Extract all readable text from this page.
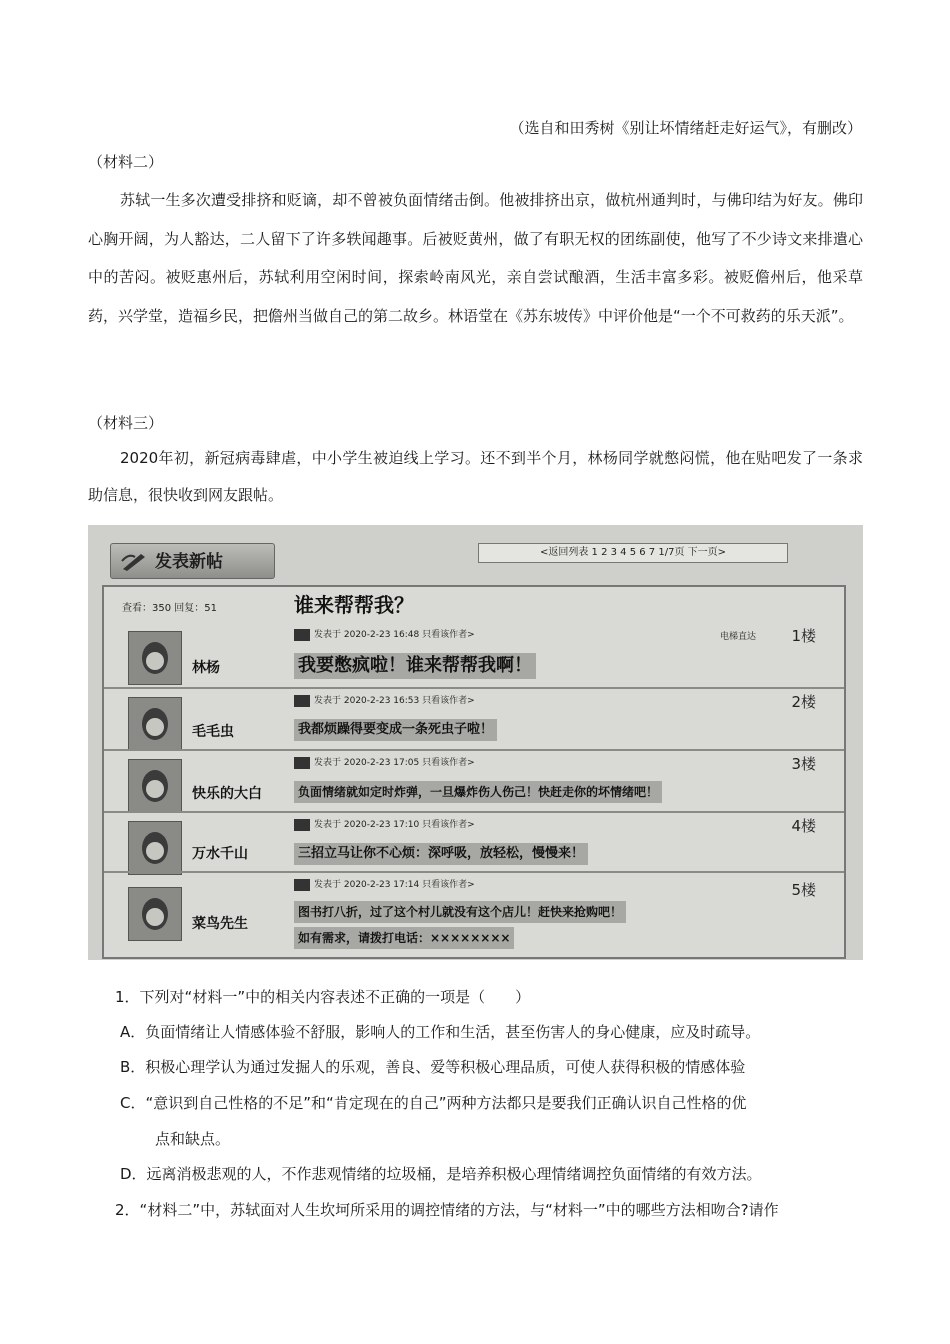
（选自和田秀树《别让坏情绪赶走好运气》，有删改）

（材料二）

苏轼一生多次遭受排挤和贬谪，却不曾被负面情绪击倒。他被排挤出京，做杭州通判时，与佛印结为好友。佛印心胸开阔，为人豁达，二人留下了许多轶闻趣事。后被贬黄州，做了有职无权的团练副使，他写了不少诗文来排遣心中的苦闷。被贬惠州后，苏轼利用空闲时间，探索岭南风光，亲自尝试酿酒，生活丰富多彩。被贬儋州后，他采草药，兴学堂，造福乡民，把儋州当做自己的第二故乡。林语堂在《苏东坡传》中评价他是“一个不可救药的乐天派”。

（材料三）

2020年初，新冠病毒肆虐，中小学生被迫线上学习。还不到半个月，林杨同学就憋闷慌，他在贴吧发了一条求助信息，很快收到网友跟帖。

发表新帖	<返回列表 1 2 3 4 5 6 7 1/7页 下一页>
查看：350 回复：51	谁来帮帮我？
林杨
发表于 2020-2-23 16:48 只看该作者>	电梯直达 1楼
我要憋疯啦！谁来帮帮我啊！
毛毛虫
发表于 2020-2-23 16:53 只看该作者>	2楼
我都烦躁得要变成一条死虫子啦！
快乐的大白
发表于 2020-2-23 17:05 只看该作者>	3楼
负面情绪就如定时炸弹，一旦爆炸伤人伤己！快赶走你的坏情绪吧！
万水千山
发表于 2020-2-23 17:10 只看该作者>	4楼
三招立马让你不心烦：深呼吸，放轻松，慢慢来！
菜鸟先生
发表于 2020-2-23 17:14 只看该作者>	5楼
图书打八折，过了这个村儿就没有这个店儿！赶快来抢购吧！
如有需求，请拨打电话：××××××××

1．下列对“材料一”中的相关内容表述不正确的一项是（　　）

A．负面情绪让人情感体验不舒服，影响人的工作和生活，甚至伤害人的身心健康，应及时疏导。

B．积极心理学认为通过发掘人的乐观，善良、爱等积极心理品质，可使人获得积极的情感体验

C．“意识到自己性格的不足”和“肯定现在的自己”两种方法都只是要我们正确认识自己性格的优

点和缺点。

D．远离消极悲观的人，不作悲观情绪的垃圾桶，是培养积极心理情绪调控负面情绪的有效方法。

2．“材料二”中，苏轼面对人生坎坷所采用的调控情绪的方法，与“材料一”中的哪些方法相吻合?请作
